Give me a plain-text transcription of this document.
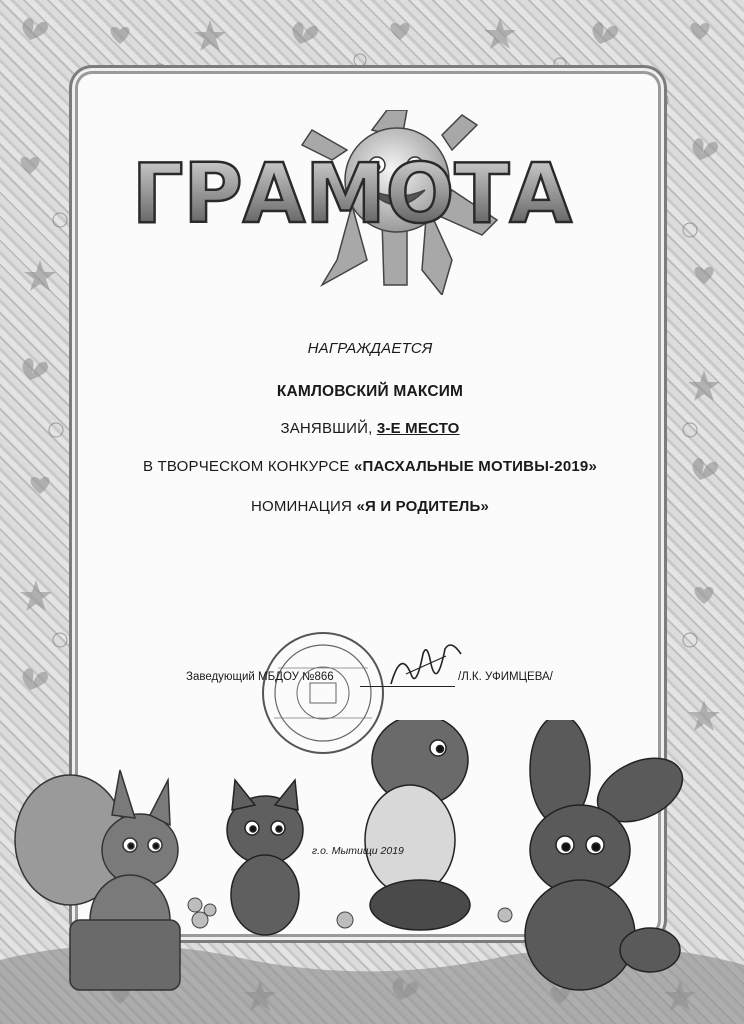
ГРАМОТА
НАГРАЖДАЕТСЯ
КАМЛОВСКИЙ МАКСИМ
ЗАНЯВШИЙ, 3-Е МЕСТО
В ТВОРЧЕСКОМ КОНКУРСЕ «ПАСХАЛЬНЫЕ МОТИВЫ-2019»
НОМИНАЦИЯ «Я И РОДИТЕЛЬ»
Заведующий МБДОУ №866	/Л.К. УФИМЦЕВА/
г.о. Мытищи 2019
